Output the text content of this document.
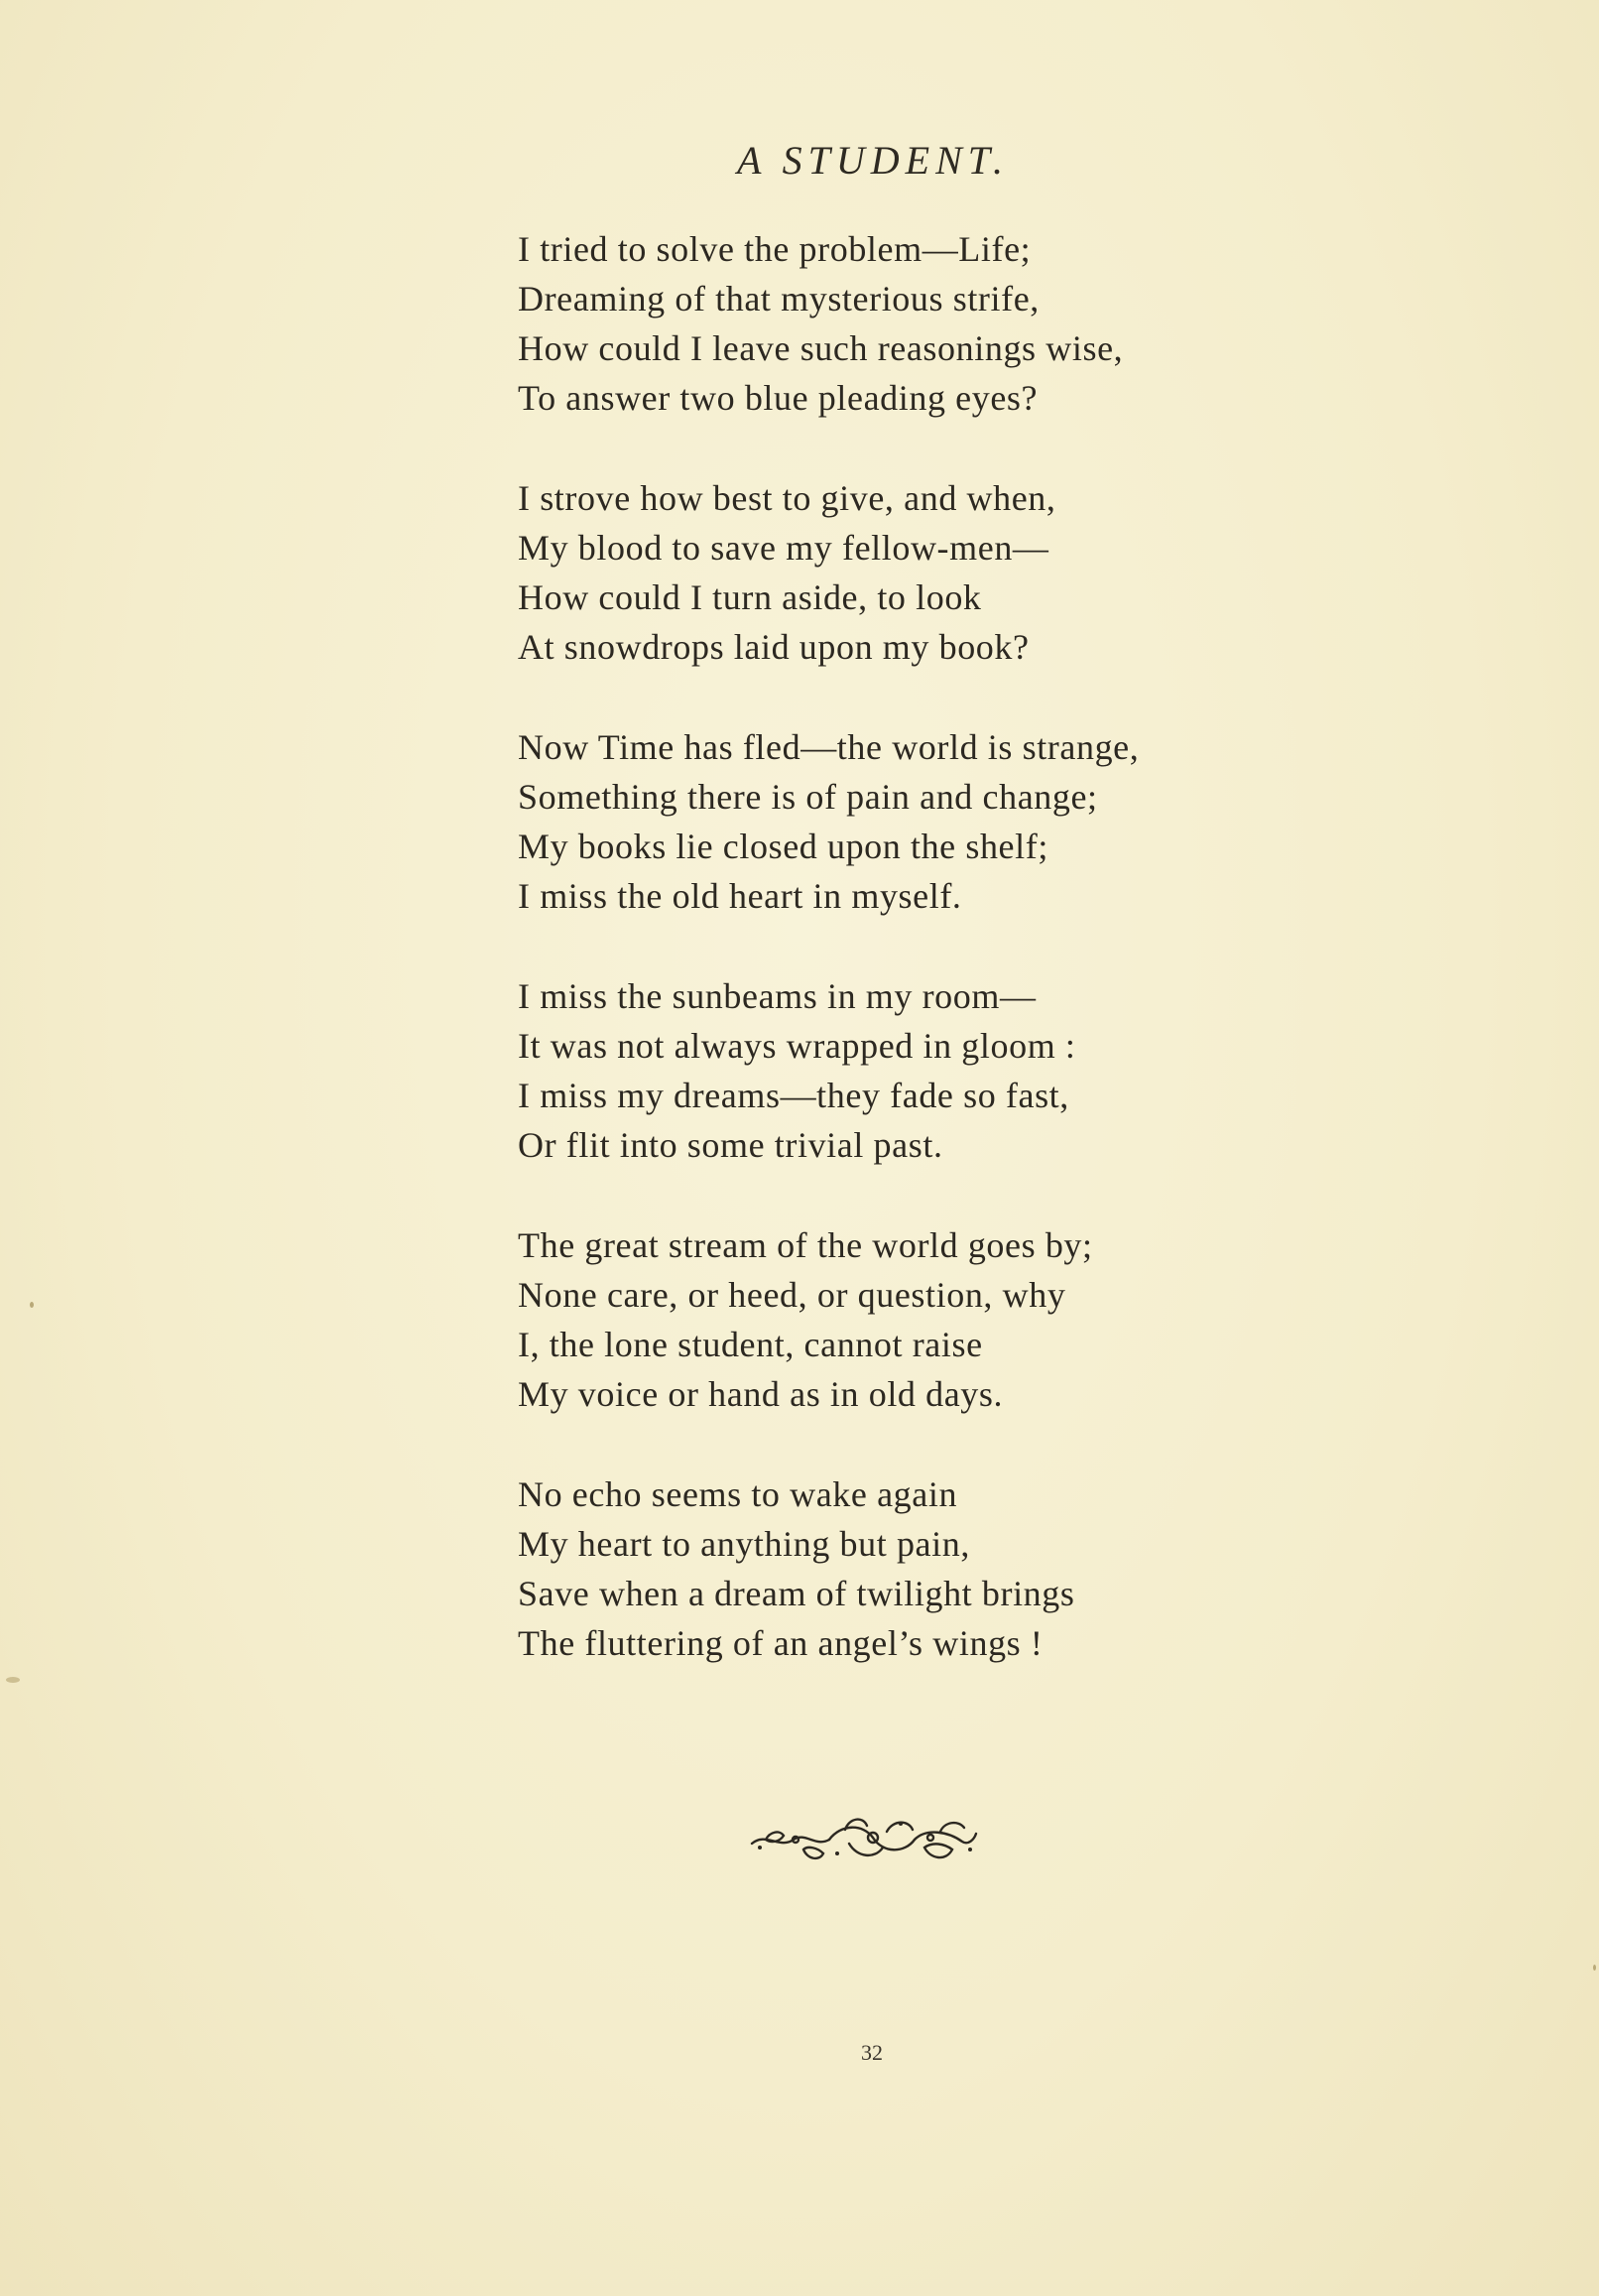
A STUDENT.
I tried to solve the problem—Life;
Dreaming of that mysterious strife,
How could I leave such reasonings wise,
To answer two blue pleading eyes?
I strove how best to give, and when,
My blood to save my fellow-men—
How could I turn aside, to look
At snowdrops laid upon my book?
Now Time has fled—the world is strange,
Something there is of pain and change;
My books lie closed upon the shelf;
I miss the old heart in myself.
I miss the sunbeams in my room—
It was not always wrapped in gloom :
I miss my dreams—they fade so fast,
Or flit into some trivial past.
The great stream of the world goes by;
None care, or heed, or question, why
I, the lone student, cannot raise
My voice or hand as in old days.
No echo seems to wake again
My heart to anything but pain,
Save when a dream of twilight brings
The fluttering of an angel’s wings !
32
